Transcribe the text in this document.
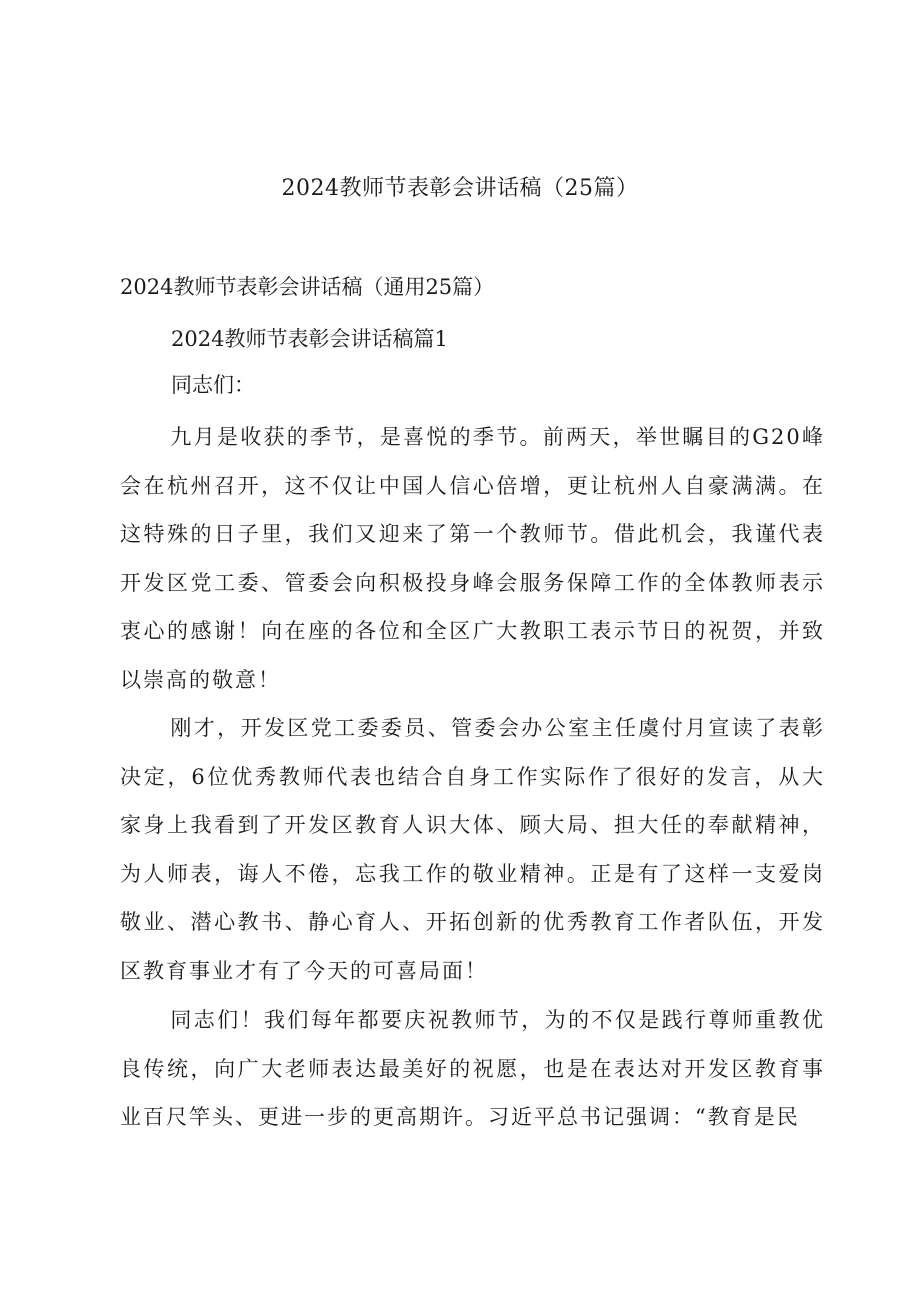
2024教师节表彰会讲话稿（25篇）
2024教师节表彰会讲话稿（通用25篇）
2024教师节表彰会讲话稿篇1
同志们：

九月是收获的季节，是喜悦的季节。前两天，举世瞩目的G20峰会在杭州召开，这不仅让中国人信心倍增，更让杭州人自豪满满。在这特殊的日子里，我们又迎来了第一个教师节。借此机会，我谨代表开发区党工委、管委会向积极投身峰会服务保障工作的全体教师表示衷心的感谢！向在座的各位和全区广大教职工表示节日的祝贺，并致以崇高的敬意！

刚才，开发区党工委委员、管委会办公室主任虞付月宣读了表彰决定，6位优秀教师代表也结合自身工作实际作了很好的发言，从大家身上我看到了开发区教育人识大体、顾大局、担大任的奉献精神，为人师表，诲人不倦，忘我工作的敬业精神。正是有了这样一支爱岗敬业、潜心教书、静心育人、开拓创新的优秀教育工作者队伍，开发区教育事业才有了今天的可喜局面！

同志们！我们每年都要庆祝教师节，为的不仅是践行尊师重教优良传统，向广大老师表达最美好的祝愿，也是在表达对开发区教育事业百尺竿头、更进一步的更高期许。习近平总书记强调：“教育是民
